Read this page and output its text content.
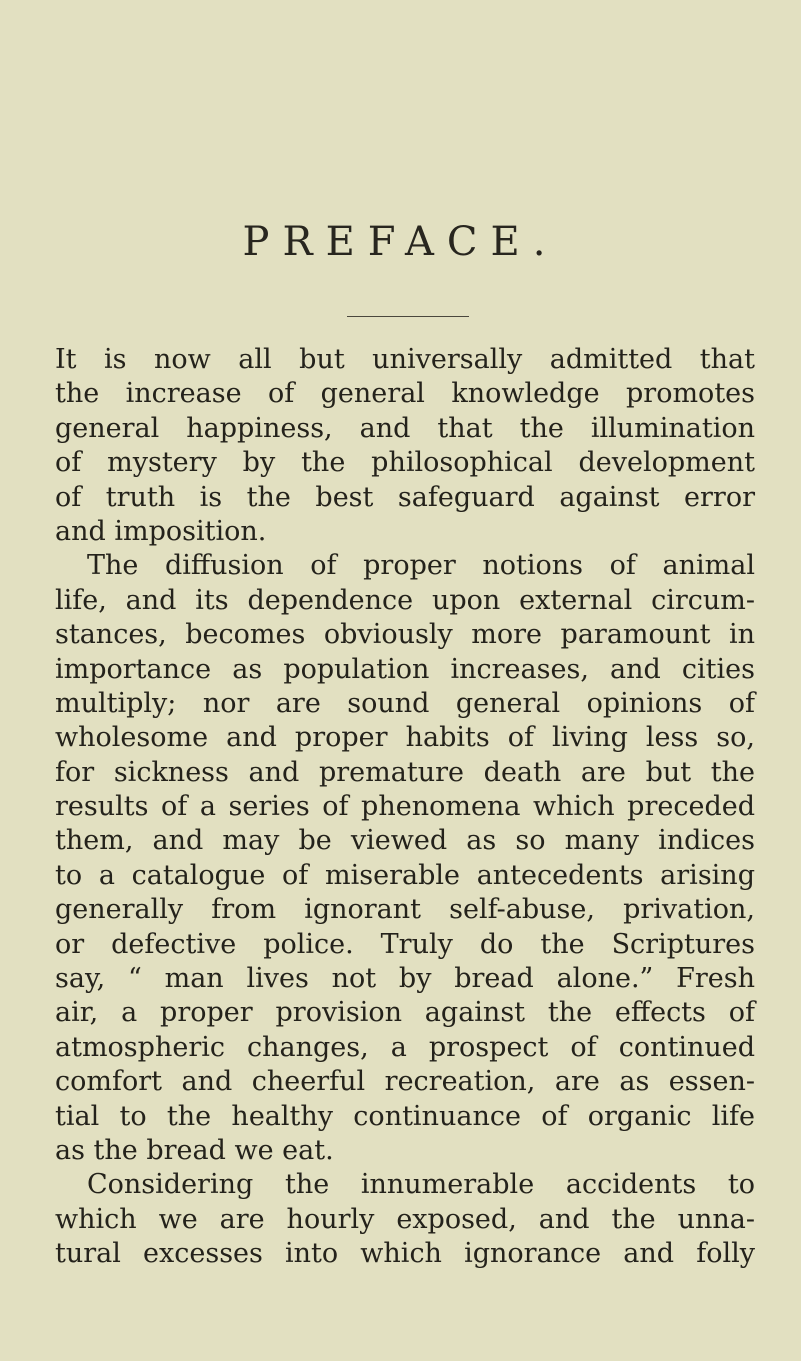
PREFACE.
It is now all but universally admitted that
the increase of general knowledge promotes
general happiness, and that the illumination
of mystery by the philosophical development
of truth is the best safeguard against error
and imposition.
The diffusion of proper notions of animal
life, and its dependence upon external circum-
stances, becomes obviously more paramount in
importance as population increases, and cities
multiply; nor are sound general opinions of
wholesome and proper habits of living less so,
for sickness and premature death are but the
results of a series of phenomena which preceded
them, and may be viewed as so many indices
to a catalogue of miserable antecedents arising
generally from ignorant self-abuse, privation,
or defective police. Truly do the Scriptures
say, “ man lives not by bread alone.” Fresh
air, a proper provision against the effects of
atmospheric changes, a prospect of continued
comfort and cheerful recreation, are as essen-
tial to the healthy continuance of organic life
as the bread we eat.
Considering the innumerable accidents to
which we are hourly exposed, and the unna-
tural excesses into which ignorance and folly
